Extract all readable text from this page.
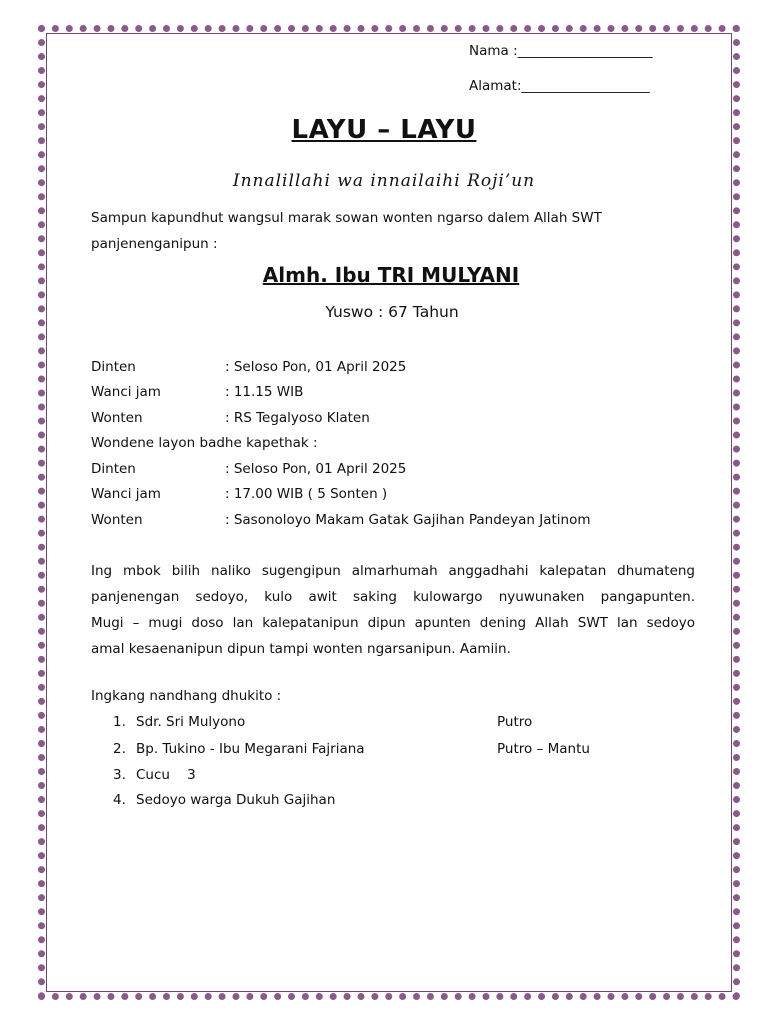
Nama :____________________
Alamat:___________________
LAYU – LAYU
Innalillahi wa innailaihi Roji’un
Sampun kapundhut wangsul marak sowan wonten ngarso dalem Allah SWT
panjenenganipun :
Almh. Ibu TRI MULYANI
Yuswo : 67 Tahun
Dinten	: Seloso Pon, 01 April 2025
Wanci jam	: 11.15 WIB
Wonten	: RS Tegalyoso Klaten
Wondene layon badhe kapethak :
Dinten	: Seloso Pon, 01 April 2025
Wanci jam	: 17.00 WIB ( 5 Sonten )
Wonten	: Sasonoloyo Makam Gatak Gajihan Pandeyan Jatinom
Ing mbok bilih naliko sugengipun almarhumah anggadhahi kalepatan dhumateng
panjenengan sedoyo, kulo awit saking kulowargo nyuwunaken pangapunten.
Mugi – mugi doso lan kalepatanipun dipun apunten dening Allah SWT lan sedoyo
amal kesaenanipun dipun tampi wonten ngarsanipun. Aamiin.
Ingkang nandhang dhukito :
1. Sdr. Sri Mulyono	Putro
2. Bp. Tukino - Ibu Megarani Fajriana	Putro – Mantu
3. Cucu    3
4. Sedoyo warga Dukuh Gajihan
